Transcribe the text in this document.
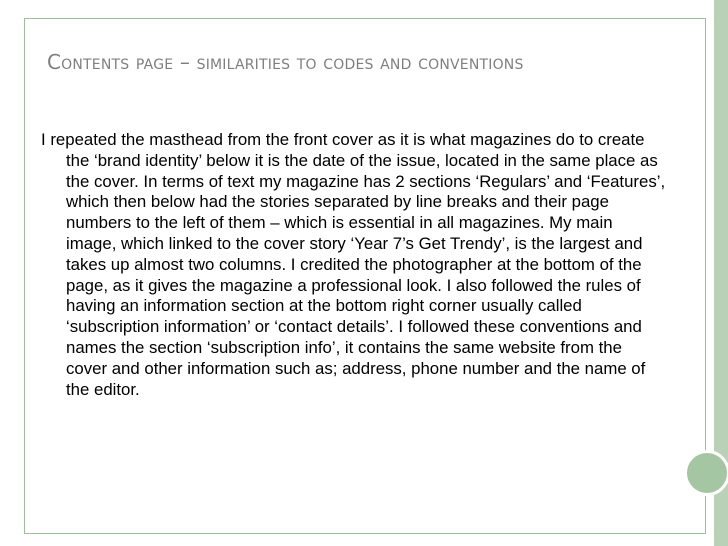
Contents page – similarities to codes and conventions

I repeated the masthead from the front cover as it is what magazines do to create the ‘brand identity’ below it is the date of the issue, located in the same place as the cover. In terms of text my magazine has 2 sections ‘Regulars’ and ‘Features’, which then below had the stories separated by line breaks and their page numbers to the left of them – which is essential in all magazines. My main image, which linked to the cover story ‘Year 7’s Get Trendy’, is the largest and takes up almost two columns. I credited the photographer at the bottom of the page, as it gives the magazine a professional look. I also followed the rules of having an information section at the bottom right corner usually called ‘subscription information’ or ‘contact details’. I followed these conventions and names the section ‘subscription info’, it contains the same website from the cover and other information such as; address, phone number and the name of the editor.
